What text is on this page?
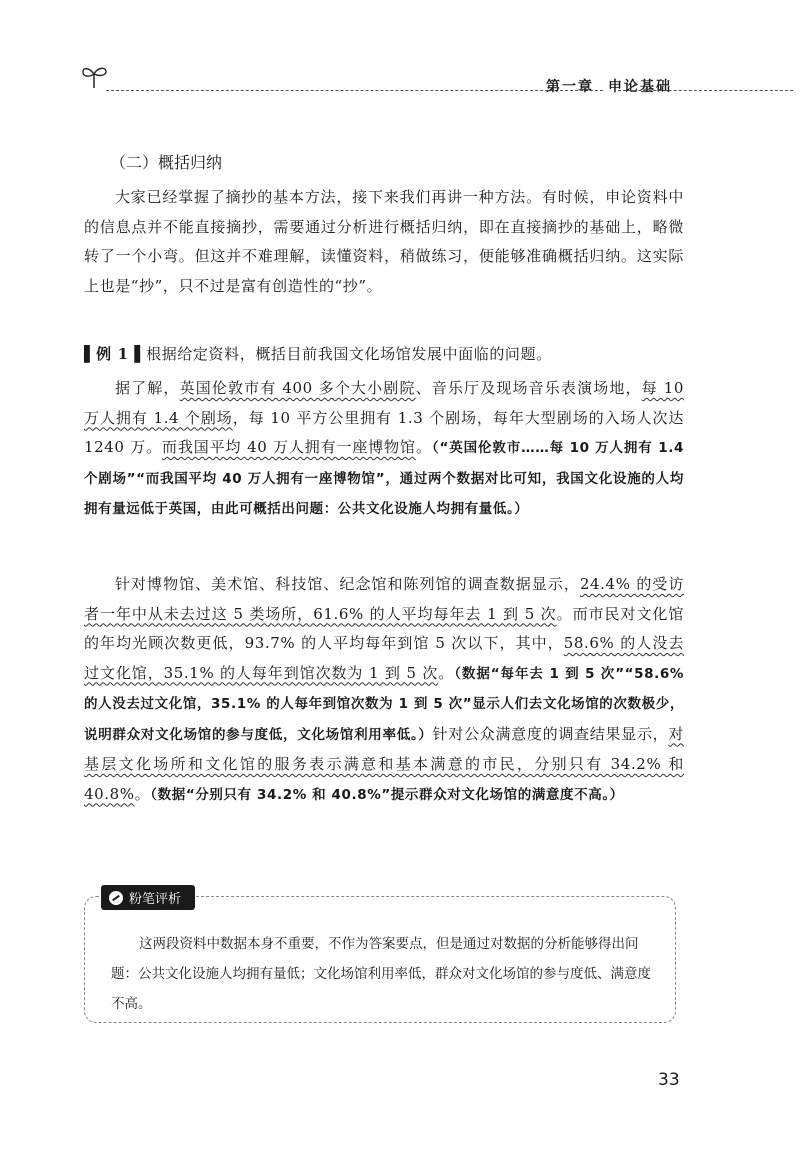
第一章 申论基础
（二）概括归纳
大家已经掌握了摘抄的基本方法，接下来我们再讲一种方法。有时候，申论资料中的信息点并不能直接摘抄，需要通过分析进行概括归纳，即在直接摘抄的基础上，略微转了一个小弯。但这并不难理解，读懂资料，稍做练习，便能够准确概括归纳。这实际上也是“抄”，只不过是富有创造性的“抄”。
▌例 1▐ 根据给定资料，概括目前我国文化场馆发展中面临的问题。
据了解，英国伦敦市有 400 多个大小剧院、音乐厅及现场音乐表演场地，每 10 万人拥有 1.4 个剧场，每 10 平方公里拥有 1.3 个剧场，每年大型剧场的入场人次达 1240 万。而我国平均 40 万人拥有一座博物馆。（“英国伦敦市……每 10 万人拥有 1.4 个剧场”“而我国平均 40 万人拥有一座博物馆”，通过两个数据对比可知，我国文化设施的人均拥有量远低于英国，由此可概括出问题：公共文化设施人均拥有量低。）
针对博物馆、美术馆、科技馆、纪念馆和陈列馆的调查数据显示，24.4% 的受访者一年中从未去过这 5 类场所，61.6% 的人平均每年去 1 到 5 次。而市民对文化馆的年均光顾次数更低，93.7% 的人平均每年到馆 5 次以下，其中，58.6% 的人没去过文化馆，35.1% 的人每年到馆次数为 1 到 5 次。（数据“每年去 1 到 5 次”“58.6% 的人没去过文化馆，35.1% 的人每年到馆次数为 1 到 5 次”显示人们去文化场馆的次数极少，说明群众对文化场馆的参与度低，文化场馆利用率低。）针对公众满意度的调查结果显示，对基层文化场所和文化馆的服务表示满意和基本满意的市民，分别只有 34.2% 和 40.8%。（数据“分别只有 34.2% 和 40.8%”提示群众对文化场馆的满意度不高。）
粉笔评析
这两段资料中数据本身不重要，不作为答案要点，但是通过对数据的分析能够得出问题：公共文化设施人均拥有量低；文化场馆利用率低，群众对文化场馆的参与度低、满意度不高。
33
